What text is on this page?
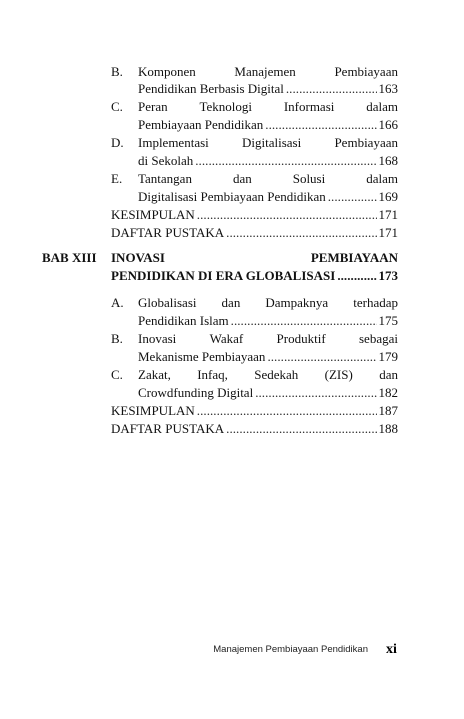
B. Komponen	Manajemen	Pembiayaan
Pendidikan Berbasis Digital . . .	163
C. Peran Teknologi Informasi dalam
Pembiayaan Pendidikan . . .	166
D. Implementasi	Digitalisasi	Pembiayaan
di Sekolah . . .	168
E. Tantangan	dan	Solusi	dalam
Digitalisasi Pembiayaan Pendidikan . . .	169
KESIMPULAN . . .	171
DAFTAR PUSTAKA . . .	171
BAB XIII INOVASI	PEMBIAYAAN
PENDIDIKAN DI ERA GLOBALISASI . . .	173
A. Globalisasi dan Dampaknya terhadap
Pendidikan Islam . . .	175
B. Inovasi	Wakaf	Produktif	sebagai
Mekanisme Pembiayaan . . .	179
C. Zakat, Infaq, Sedekah (ZIS) dan
Crowdfunding Digital . . .	182
KESIMPULAN . . .	187
DAFTAR PUSTAKA . . .	188
Manajemen Pembiayaan Pendidikan xi
